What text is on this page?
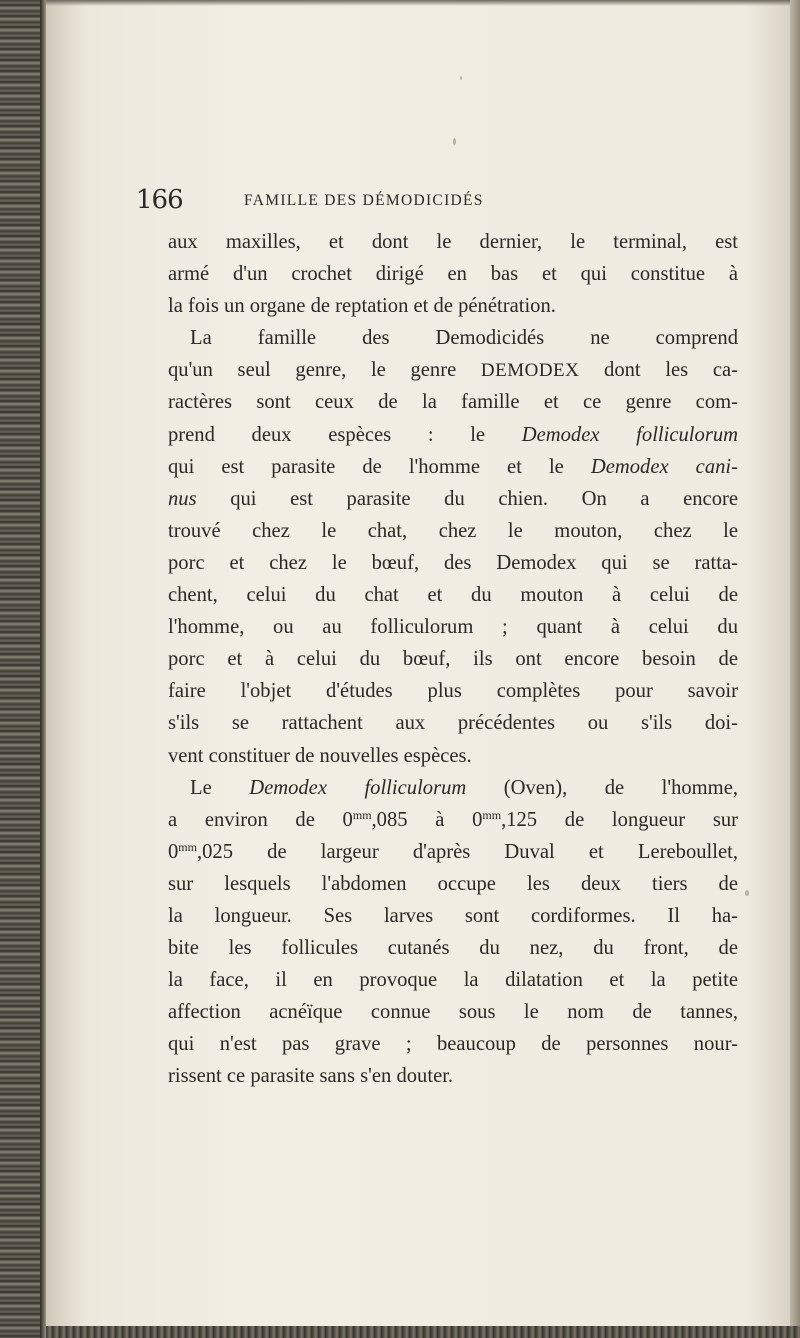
166	FAMILLE DES DÉMODICIDÉS
aux maxilles, et dont le dernier, le terminal, est
armé d'un crochet dirigé en bas et qui constitue à
la fois un organe de reptation et de pénétration.
La famille des Demodicidés ne comprend
qu'un seul genre, le genre DEMODEX dont les ca-
ractères sont ceux de la famille et ce genre com-
prend deux espèces : le Demodex folliculorum
qui est parasite de l'homme et le Demodex cani-
nus qui est parasite du chien. On a encore
trouvé chez le chat, chez le mouton, chez le
porc et chez le bœuf, des Demodex qui se ratta-
chent, celui du chat et du mouton à celui de
l'homme, ou au folliculorum ; quant à celui du
porc et à celui du bœuf, ils ont encore besoin de
faire l'objet d'études plus complètes pour savoir
s'ils se rattachent aux précédentes ou s'ils doi-
vent constituer de nouvelles espèces.
Le Demodex folliculorum (Oven), de l'homme,
a environ de $0^{mm},085$ à $0^{mm},125$ de longueur sur
$0^{mm},025$ de largeur d'après Duval et Lereboullet,
sur lesquels l'abdomen occupe les deux tiers de
la longueur. Ses larves sont cordiformes. Il ha-
bite les follicules cutanés du nez, du front, de
la face, il en provoque la dilatation et la petite
affection acnéïque connue sous le nom de tannes,
qui n'est pas grave ; beaucoup de personnes nour-
rissent ce parasite sans s'en douter.
